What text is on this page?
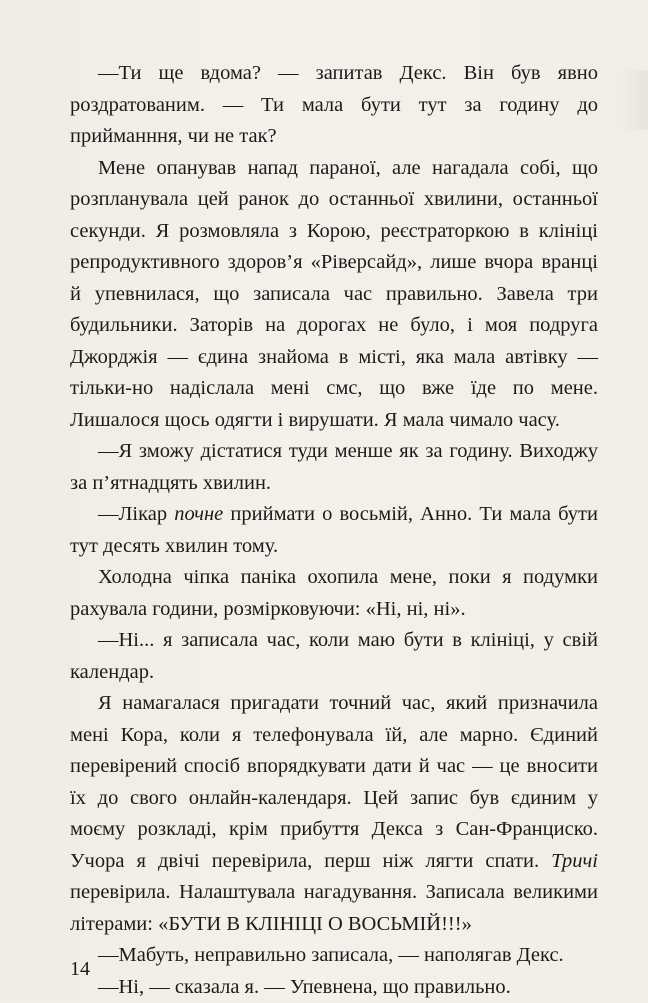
—Ти ще вдома? — запитав Декс. Він був явно роздратованим. — Ти мала бути тут за годину до прийманння, чи не так?

Мене опанував напад параної, але нагадала собі, що розпланувала цей ранок до останньої хвилини, останньої секунди. Я розмовляла з Корою, реєстраторкою в клініці репродуктивного здоров’я «Ріверсайд», лише вчора вранці й упевнилася, що записала час правильно. Завела три будильники. Заторів на дорогах не було, і моя подруга Джорджія — єдина знайома в місті, яка мала автівку — тільки-но надіслала мені смс, що вже їде по мене. Лишалося щось одягти і вирушати. Я мала чималo часу.

—Я зможу дістатися туди менше як за годину. Виходжу за п’ятнадцять хвилин.

—Лікар почне приймати о восьмій, Анно. Ти мала бути тут десять хвилин тому.

Холодна чіпка паніка охопила мене, поки я подумки рахувала години, розмірковуючи: «Ні, ні, ні».

—Ні... я записала час, коли маю бути в клініці, у свій календар.

Я намагалася пригадати точний час, який призначила мені Кора, коли я телефонувала їй, але марно. Єдиний перевірений спосіб впорядкувати дати й час — це вносити їх до свого онлайн-календаря. Цей запис був єдиним у моєму розкладі, крім прибуття Декса з Сан-Франциско. Учора я двічі перевірила, перш ніж лягти спати. Тричі перевірила. Налаштувала нагадування. Записала великими літерами: «БУТИ В КЛІНІЦІ О ВОСЬМІЙ!!!»

—Мабуть, неправильно записала, — наполягав Декс.

—Ні, — сказала я. — Упевнена, що правильно.

14
